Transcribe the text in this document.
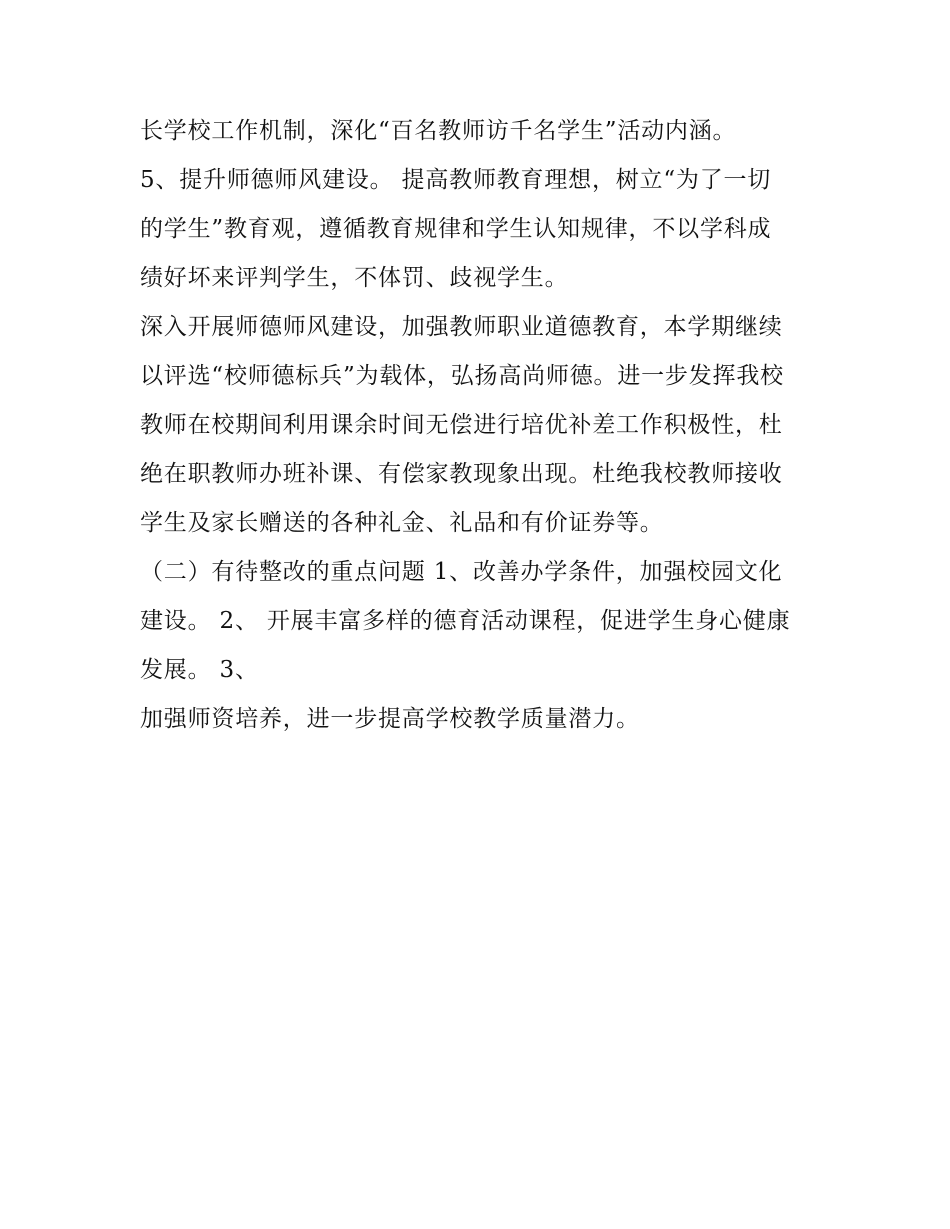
长学校工作机制，深化“百名教师访千名学生”活动内涵。
5、提升师德师风建设。 提高教师教育理想，树立“为了一切
的学生”教育观，遵循教育规律和学生认知规律，不以学科成
绩好坏来评判学生，不体罚、歧视学生。
深入开展师德师风建设，加强教师职业道德教育，本学期继续
以评选“校师德标兵”为载体，弘扬高尚师德。进一步发挥我校
教师在校期间利用课余时间无偿进行培优补差工作积极性，杜
绝在职教师办班补课、有偿家教现象出现。杜绝我校教师接收
学生及家长赠送的各种礼金、礼品和有价证券等。
（二）有待整改的重点问题 1、改善办学条件，加强校园文化
建设。 2、 开展丰富多样的德育活动课程，促进学生身心健康
发展。 3、
加强师资培养，进一步提高学校教学质量潜力。
